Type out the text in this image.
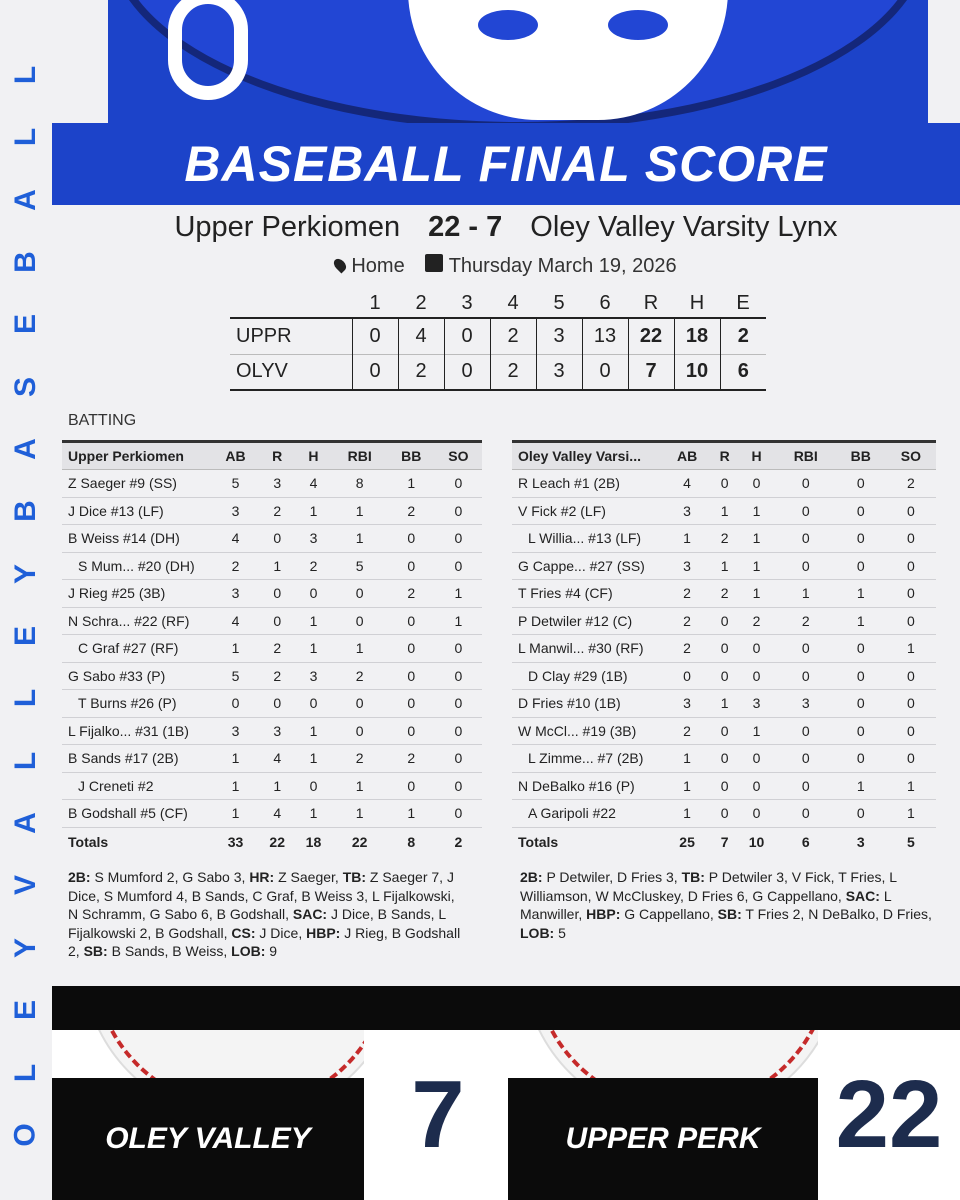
L
L
A
B
E
S
A
B
Y
E
L
L
A
V
Y
E
L
O
BASEBALL FINAL SCORE
Upper Perkiomen 22 - 7 Oley Valley Varsity Lynx
Home	Thursday March 19, 2026
	1	2	3	4	5	6	R	H	E
UPPR	0	4	0	2	3	13	22	18	2
OLYV	0	2	0	2	3	0	7	10	6
BATTING
Upper Perkiomen	AB	R	H	RBI	BB	SO
Z Saeger #9 (SS)	5	3	4	8	1	0
J Dice #13 (LF)	3	2	1	1	2	0
B Weiss #14 (DH)	4	0	3	1	0	0
S Mum... #20 (DH)	2	1	2	5	0	0
J Rieg #25 (3B)	3	0	0	0	2	1
N Schra... #22 (RF)	4	0	1	0	0	1
C Graf #27 (RF)	1	2	1	1	0	0
G Sabo #33 (P)	5	2	3	2	0	0
T Burns #26 (P)	0	0	0	0	0	0
L Fijalko... #31 (1B)	3	3	1	0	0	0
B Sands #17 (2B)	1	4	1	2	2	0
J Creneti #2	1	1	0	1	0	0
B Godshall #5 (CF)	1	4	1	1	1	0
Totals	33	22	18	22	8	2
Oley Valley Varsi...	AB	R	H	RBI	BB	SO
R Leach #1 (2B)	4	0	0	0	0	2
V Fick #2 (LF)	3	1	1	0	0	0
L Willia... #13 (LF)	1	2	1	0	0	0
G Cappe... #27 (SS)	3	1	1	0	0	0
T Fries #4 (CF)	2	2	1	1	1	0
P Detwiler #12 (C)	2	0	2	2	1	0
L Manwil... #30 (RF)	2	0	0	0	0	1
D Clay #29 (1B)	0	0	0	0	0	0
D Fries #10 (1B)	3	1	3	3	0	0
W McCl... #19 (3B)	2	0	1	0	0	0
L Zimme... #7 (2B)	1	0	0	0	0	0
N DeBalko #16 (P)	1	0	0	0	1	1
A Garipoli #22	1	0	0	0	0	1
Totals	25	7	10	6	3	5
2B: S Mumford 2, G Sabo 3, HR: Z Saeger, TB: Z Saeger 7, J Dice, S Mumford 4, B Sands, C Graf, B Weiss 3, L Fijalkowski, N Schramm, G Sabo 6, B Godshall, SAC: J Dice, B Sands, L Fijalkowski 2, B Godshall, CS: J Dice, HBP: J Rieg, B Godshall 2, SB: B Sands, B Weiss, LOB: 9
2B: P Detwiler, D Fries 3, TB: P Detwiler 3, V Fick, T Fries, L Williamson, W McCluskey, D Fries 6, G Cappellano, SAC: L Manwiller, HBP: G Cappellano, SB: T Fries 2, N DeBalko, D Fries, LOB: 5
OLEY VALLEY	7	UPPER PERK 22
